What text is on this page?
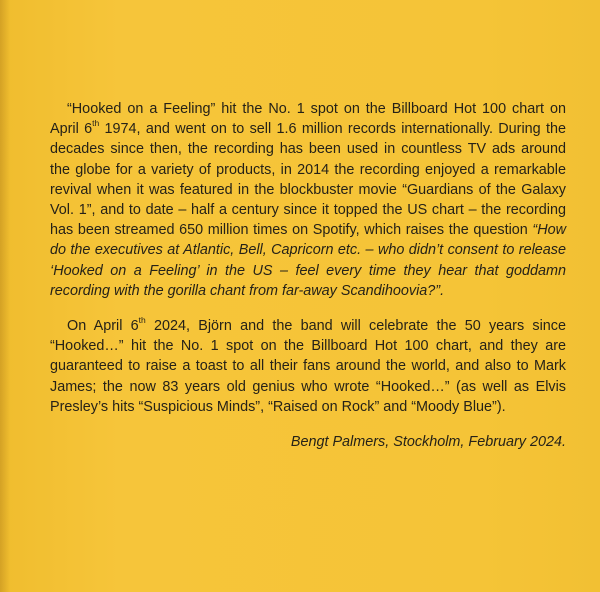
“Hooked on a Feeling” hit the No. 1 spot on the Billboard Hot 100 chart on April 6th 1974, and went on to sell 1.6 million records internationally. During the decades since then, the recording has been used in countless TV ads around the globe for a variety of products, in 2014 the recording enjoyed a remarkable revival when it was featured in the blockbuster movie “Guardians of the Galaxy Vol. 1”, and to date – half a century since it topped the US chart – the recording has been streamed 650 million times on Spotify, which raises the question “How do the executives at Atlantic, Bell, Capricorn etc. – who didn’t consent to release ‘Hooked on a Feeling’ in the US – feel every time they hear that goddamn recording with the gorilla chant from far-away Scandihoovia?”.

On April 6th 2024, Björn and the band will celebrate the 50 years since “Hooked…” hit the No. 1 spot on the Billboard Hot 100 chart, and they are guaranteed to raise a toast to all their fans around the world, and also to Mark James; the now 83 years old genius who wrote “Hooked…” (as well as Elvis Presley’s hits “Suspicious Minds”, “Raised on Rock” and “Moody Blue”).

Bengt Palmers, Stockholm, February 2024.
